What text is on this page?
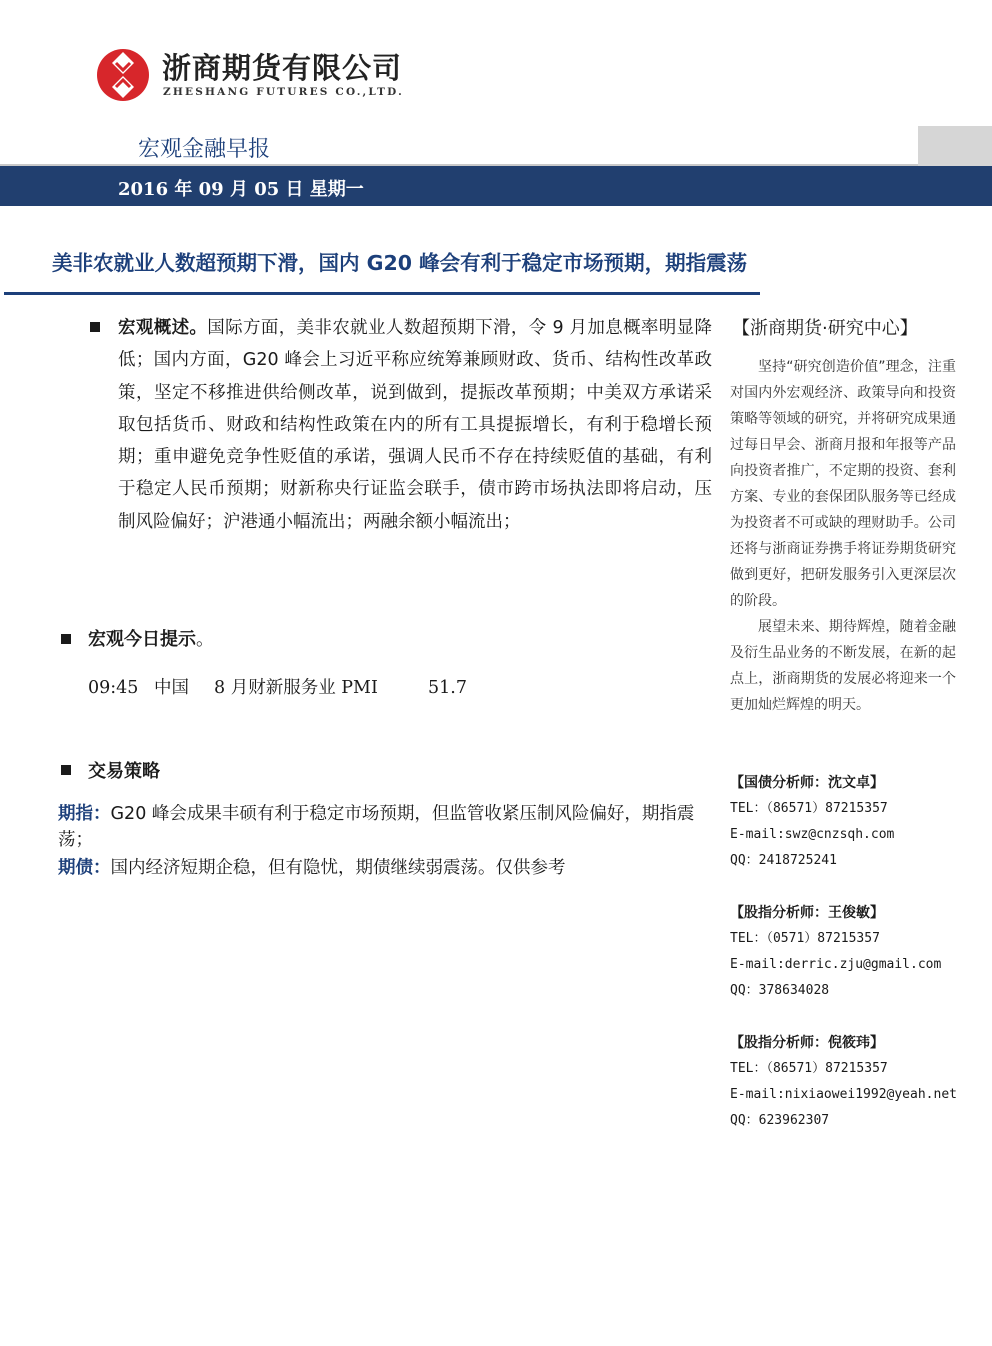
浙商期货有限公司
ZHESHANG FUTURES CO.,LTD.
宏观金融早报
2016 年 09 月 05 日 星期一
美非农就业人数超预期下滑，国内 G20 峰会有利于稳定市场预期，期指震荡
宏观概述。国际方面，美非农就业人数超预期下滑，令 9 月加息概率明显降低；国内方面，G20 峰会上习近平称应统筹兼顾财政、货币、结构性改革政策，坚定不移推进供给侧改革，说到做到，提振改革预期；中美双方承诺采取包括货币、财政和结构性政策在内的所有工具提振增长，有利于稳增长预期；重申避免竞争性贬值的承诺，强调人民币不存在持续贬值的基础，有利于稳定人民币预期；财新称央行证监会联手，债市跨市场执法即将启动，压制风险偏好；沪港通小幅流出；两融余额小幅流出；
宏观今日提示。
09:45 中国 8 月财新服务业 PMI	51.7
交易策略
期指：G20 峰会成果丰硕有利于稳定市场预期，但监管收紧压制风险偏好，期指震荡；
期债：国内经济短期企稳，但有隐忧，期债继续弱震荡。仅供参考
【浙商期货·研究中心】
坚持“研究创造价值”理念，注重对国内外宏观经济、政策导向和投资策略等领域的研究，并将研究成果通过每日早会、浙商月报和年报等产品向投资者推广，不定期的投资、套利方案、专业的套保团队服务等已经成为投资者不可或缺的理财助手。公司还将与浙商证券携手将证券期货研究做到更好，把研发服务引入更深层次的阶段。
展望未来、期待辉煌，随着金融及衍生品业务的不断发展，在新的起点上，浙商期货的发展必将迎来一个更加灿烂辉煌的明天。
【国债分析师：沈文卓】
TEL：（86571）87215357
E-mail:swz@cnzsqh.com
QQ：2418725241
【股指分析师：王俊敏】
TEL：（0571）87215357
E-mail:derric.zju@gmail.com
QQ：378634028
【股指分析师：倪筱玮】
TEL：（86571）87215357
E-mail:nixiaowei1992@yeah.net
QQ：623962307
